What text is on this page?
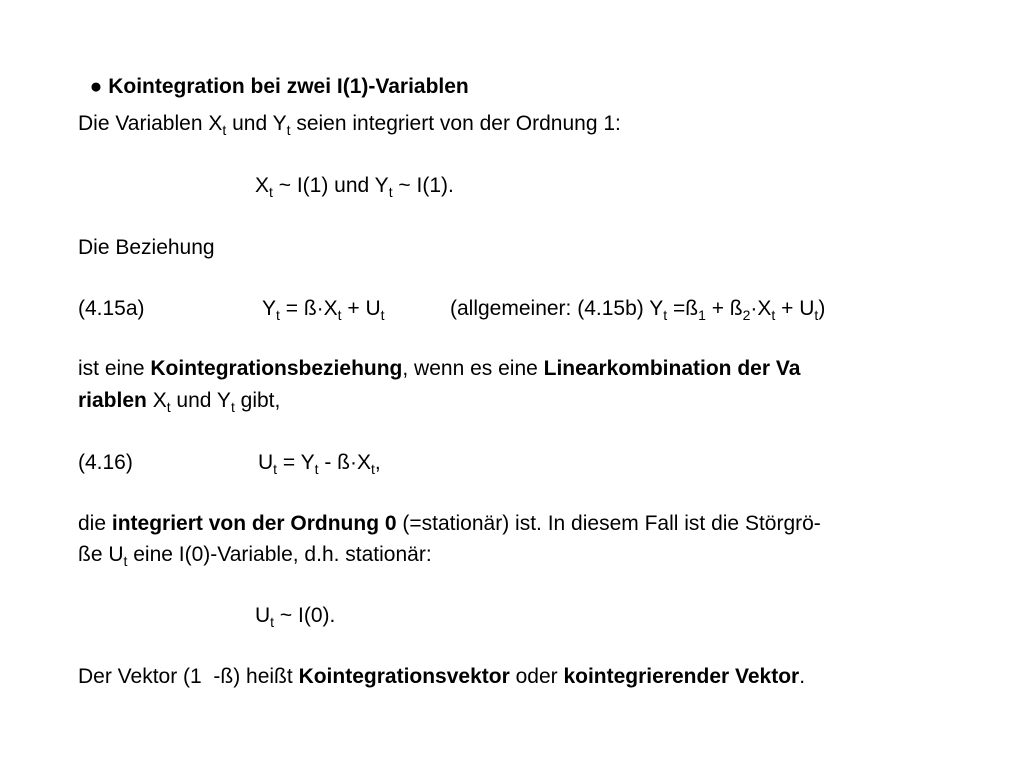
● Kointegration bei zwei I(1)-Variablen

Die Variablen $X_t$ und $Y_t$ seien integriert von der Ordnung 1:
$X_t$ ~ I(1) und $Y_t$ ~ I(1).
Die Beziehung
(4.15a)	$Y_t$ = $ß\cdot X_t + U_t$	(allgemeiner: (4.15b) $Y_t$ $=ß_1$ + $ß_2\cdot X_t + U_t$)
ist eine Kointegrationsbeziehung, wenn es eine Linearkombination der Va
riablen $X_t$ und $Y_t$ gibt,
(4.16)	$U_t = Y_t$ - $ß\cdot X_t$,
die integriert von der Ordnung 0 (=stationär) ist. In diesem Fall ist die Störgrö-
ße $U_t$ eine I(0)-Variable, d.h. stationär:
$U_t$ ~ I(0).
Der Vektor (1  -ß) heißt Kointegrationsvektor oder kointegrierender Vektor.
